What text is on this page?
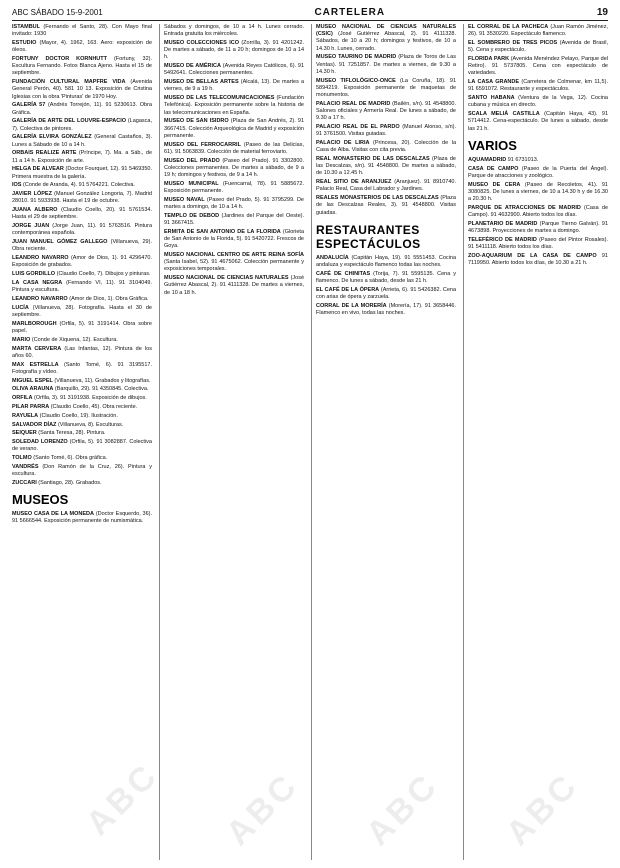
ABC SÁBADO 15-9-2001	CARTELERA	19

ISTAMBUL (Fernando el Santo, 28). Con Mayo final invitado: 1930

ESTUDIO (Mayor, 4). 1962, 163. Aero: exposición de óleos.

FORTUNY DOCTOR KORNHUTT (Fortuny, 32). Escultura Fernando. Fotos Blanca Ajeno. Hasta el 15 de septiembre.

FUNDACIÓN CULTURAL MAPFRE VIDA (Avenida General Perón, 40). 581 10 13. Exposición de Cristina Iglesias con la obra 'Pinturas' de 1970 Hoy.

GALERÍA 57 (Andrés Torrejón, 11). 91 5230613. Obra Gráfica.

GALERÍA DE ARTE DEL LOUVRE-ESPACIO (Lagasca, 7). Colectiva de pintores.

GALERÍA ELVIRA GONZÁLEZ (General Castaños, 3). Lunes a Sábado de 10 a 14 h.

ORBAIS REALIZE ARTE (Príncipe, 7). Ma. a Sáb., de 11 a 14 h. Exposición de arte.

HELGA DE ALVEAR (Doctor Fourquet, 12). 91 5469350. Primera muestra de la galería.

IOS (Conde de Aranda, 4). 91 5764221. Colectiva.

JAVIER LÓPEZ (Manuel González Longoria, 7). Madrid 28010. 91 5933938. Hasta el 19 de octubre.

JUANA ALBERO (Claudio Coello, 20). 91 5761534. Hasta el 29 de septiembre.

JORGE JUAN (Jorge Juan, 11). 91 5763516. Pintura contemporánea española.

JUAN MANUEL GÓMEZ GALLEGO (Villanueva, 29). Obra reciente.

LEANDRO NAVARRO (Amor de Dios, 1). 91 4296470. Exposición de grabados.

LUIS GORDILLO (Claudio Coello, 7). Dibujos y pinturas.

LA CASA NEGRA (Fernando VI, 11). 91 3104049. Pintura y escultura.

LEANDRO NAVARRO (Amor de Dios, 1). Obra Gráfica.

LUCÍA (Villanueva, 28). Fotografía. Hasta el 30 de septiembre.

MARLBOROUGH (Orfila, 5). 91 3191414. Obra sobre papel.

MARIO (Conde de Xiquena, 12). Escultura.

MARTA CERVERA (Las Infantas, 12). Pintura de los años 60.

MAX ESTRELLA (Santo Tomé, 6). 91 3195517. Fotografía y vídeo.

MIGUEL ESPEL (Villanueva, 11). Grabados y litografías.

OLIVA ARAUNA (Barquillo, 29). 91 4350845. Colectiva.

ORFILA (Orfila, 3). 91 3191938. Exposición de dibujos.

PILAR PARRA (Claudio Coello, 45). Obra reciente.

RAYUELA (Claudio Coello, 19). Ilustración.

SALVADOR DÍAZ (Villanueva, 8). Esculturas.

SEIQUER (Santa Teresa, 28). Pintura.

SOLEDAD LORENZO (Orfila, 5). 91 3082887. Colectiva de verano.

TOLMO (Santo Tomé, 6). Obra gráfica.

VANDRÉS (Don Ramón de la Cruz, 26). Pintura y escultura.

ZUCCARI (Santiago, 28). Grabados.

MUSEOS

MUSEO CASA DE LA MONEDA (Doctor Esquerdo, 36). 91 5666544. Exposición permanente de numismática.

Sábados y domingos, de 10 a 14 h. Lunes cerrado. Entrada gratuita los miércoles.

MUSEO COLECCIONES ICO (Zorrilla, 3). 91 4201242. De martes a sábado, de 11 a 20 h; domingos de 10 a 14 h.

MUSEO DE AMÉRICA (Avenida Reyes Católicos, 6). 91 5492641. Colecciones permanentes.

MUSEO DE BELLAS ARTES (Alcalá, 13). De martes a viernes, de 9 a 19 h.

MUSEO DE LAS TELECOMUNICACIONES (Fundación Telefónica). Exposición permanente sobre la historia de las telecomunicaciones en España.

MUSEO DE SAN ISIDRO (Plaza de San Andrés, 2). 91 3667415. Colección Arqueológica de Madrid y exposición permanente.

MUSEO DEL FERROCARRIL (Paseo de las Delicias, 61). 91 5063839. Colección de material ferroviario.

MUSEO DEL PRADO (Paseo del Prado). 91 3302800. Colecciones permanentes. De martes a sábado, de 9 a 19 h; domingos y festivos, de 9 a 14 h.

MUSEO MUNICIPAL (Fuencarral, 78). 91 5885672. Exposición permanente.

MUSEO NAVAL (Paseo del Prado, 5). 91 3795299. De martes a domingo, de 10 a 14 h.

TEMPLO DE DEBOD (Jardines del Parque del Oeste). 91 3667415.

ERMITA DE SAN ANTONIO DE LA FLORIDA (Glorieta de San Antonio de la Florida, 5). 91 5420722. Frescos de Goya.

MUSEO NACIONAL CENTRO DE ARTE REINA SOFÍA (Santa Isabel, 52). 91 4675062. Colección permanente y exposiciones temporales.

MUSEO NACIONAL DE CIENCIAS NATURALES (José Gutiérrez Abascal, 2). 91 4111328. De martes a viernes, de 10 a 18 h.

MUSEO NACIONAL DE CIENCIAS NATURALES (CSIC) (José Gutiérrez Abascal, 2). 91 4111328. Sábados, de 10 a 20 h; domingos y festivos, de 10 a 14.30 h. Lunes, cerrado.

MUSEO TAURINO DE MADRID (Plaza de Toros de Las Ventas). 91 7251857. De martes a viernes, de 9.30 a 14.30 h.

MUSEO TIFLOLÓGICO-ONCE (La Coruña, 18). 91 5894219. Exposición permanente de maquetas de monumentos.

PALACIO REAL DE MADRID (Bailén, s/n). 91 4548800. Salones oficiales y Armería Real. De lunes a sábado, de 9.30 a 17 h.

PALACIO REAL DE EL PARDO (Manuel Alonso, s/n). 91 3761500. Visitas guiadas.

PALACIO DE LIRIA (Princesa, 20). Colección de la Casa de Alba. Visitas con cita previa.

REAL MONASTERIO DE LAS DESCALZAS (Plaza de las Descalzas, s/n). 91 4548800. De martes a sábado, de 10.30 a 12.45 h.

REAL SITIO DE ARANJUEZ (Aranjuez). 91 8910740. Palacio Real, Casa del Labrador y Jardines.

REALES MONASTERIOS DE LAS DESCALZAS (Plaza de las Descalzas Reales, 3). 91 4548800. Visitas guiadas.

RESTAURANTES ESPECTÁCULOS

ANDALUCÍA (Capitán Haya, 19). 91 5551453. Cocina andaluza y espectáculo flamenco todas las noches.

CAFÉ DE CHINITAS (Torija, 7). 91 5595135. Cena y flamenco. De lunes a sábado, desde las 21 h.

EL CAFÉ DE LA ÓPERA (Arrieta, 6). 91 5426382. Cena con arias de ópera y zarzuela.

CORRAL DE LA MORERÍA (Morería, 17). 91 3658446. Flamenco en vivo, todas las noches.

EL CORRAL DE LA PACHECA (Juan Ramón Jiménez, 26). 91 3530220. Espectáculo flamenco.

EL SOMBRERO DE TRES PICOS (Avenida de Brasil, 5). Cena y espectáculo.

FLORIDA PARK (Avenida Menéndez Pelayo, Parque del Retiro). 91 5737805. Cena con espectáculo de variedades.

LA CASA GRANDE (Carretera de Colmenar, km 11,5). 91 6591072. Restaurante y espectáculos.

SANTO HABANA (Ventura de la Vega, 12). Cocina cubana y música en directo.

SCALA MELIÁ CASTILLA (Capitán Haya, 43). 91 5714412. Cena-espectáculo. De lunes a sábado, desde las 21 h.

VARIOS

AQUAMADRID 91 6731013.

CASA DE CAMPO (Paseo de la Puerta del Ángel). Parque de atracciones y zoológico.

MUSEO DE CERA (Paseo de Recoletos, 41). 91 3080825. De lunes a viernes, de 10 a 14.30 h y de 16.30 a 20.30 h.

PARQUE DE ATRACCIONES DE MADRID (Casa de Campo). 91 4632900. Abierto todos los días.

PLANETARIO DE MADRID (Parque Tierno Galván). 91 4673898. Proyecciones de martes a domingo.

TELEFÉRICO DE MADRID (Paseo del Pintor Rosales). 91 5411118. Abierto todos los días.

ZOO-AQUARIUM DE LA CASA DE CAMPO 91 7119950. Abierto todos los días, de 10.30 a 21 h.

ABC ABC ABC ABC
